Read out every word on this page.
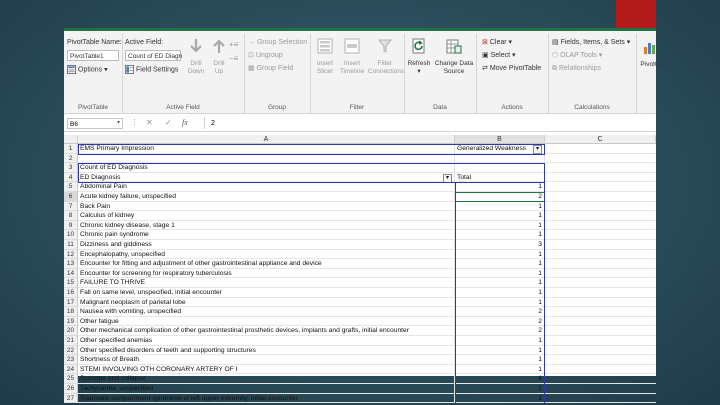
PivotTable Name:
PivotTable1
Options ▾
PivotTable
Active Field:
Count of ED Diagn
Field Settings
Drill Down
Drill Up
+≡
−≡
Active Field
→ Group Selection
⊡ Ungroup
▦ Group Field
Group
Insert Slicer
Insert Timeline
Filter Connections
Filter
Refresh
▾
Change Data Source
Data
⊠ Clear ▾
▣ Select ▾
⇄ Move PivotTable
Actions
▤ Fields, Items, & Sets ▾
⬡ OLAP Tools ▾
⧉ Relationships
Calculations
PivotC
B6	▾ ⋮ ✕ ✓ fx	2
A	B	C
1	EMS Primary Impression	Generalized Weakness	▾
2
3	Count of ED Diagnosis
4	ED Diagnosis	▾	Total
5	Abdominal Pain	1
6	Acute kidney failure, unspecified	2
7	Back Pain	1
8	Calculus of kidney	1
9	Chronic kidney disease, stage 1	1
10 Chronic pain syndrome	1
11 Dizziness and giddiness	3
12 Encephalopathy, unspecified	1
13 Encounter for fitting and adjustment of other gastrointestinal appliance and device	1
14 Encounter for screening for respiratory tuberculosis	1
15 FAILURE TO THRIVE	1
16 Fall on same level, unspecified, initial encounter	1
17 Malignant neoplasm of parietal lobe	1
18 Nausea with vomiting, unspecified	2
19 Other fatigue	2
20 Other mechanical complication of other gastrointestinal prosthetic devices, implants and grafts, initial encounter	2
21 Other specified anemias	1
22 Other specified disorders of teeth and supporting structures	1
23 Shortness of Breath	1
24 STEMI INVOLVING OTH CORONARY ARTERY OF I	1
25 Syncope and collapse	4
26 Tachycardia, unspecified	1
27 Traumatic compartment syndrome of left upper extremity, initial encounter	1
